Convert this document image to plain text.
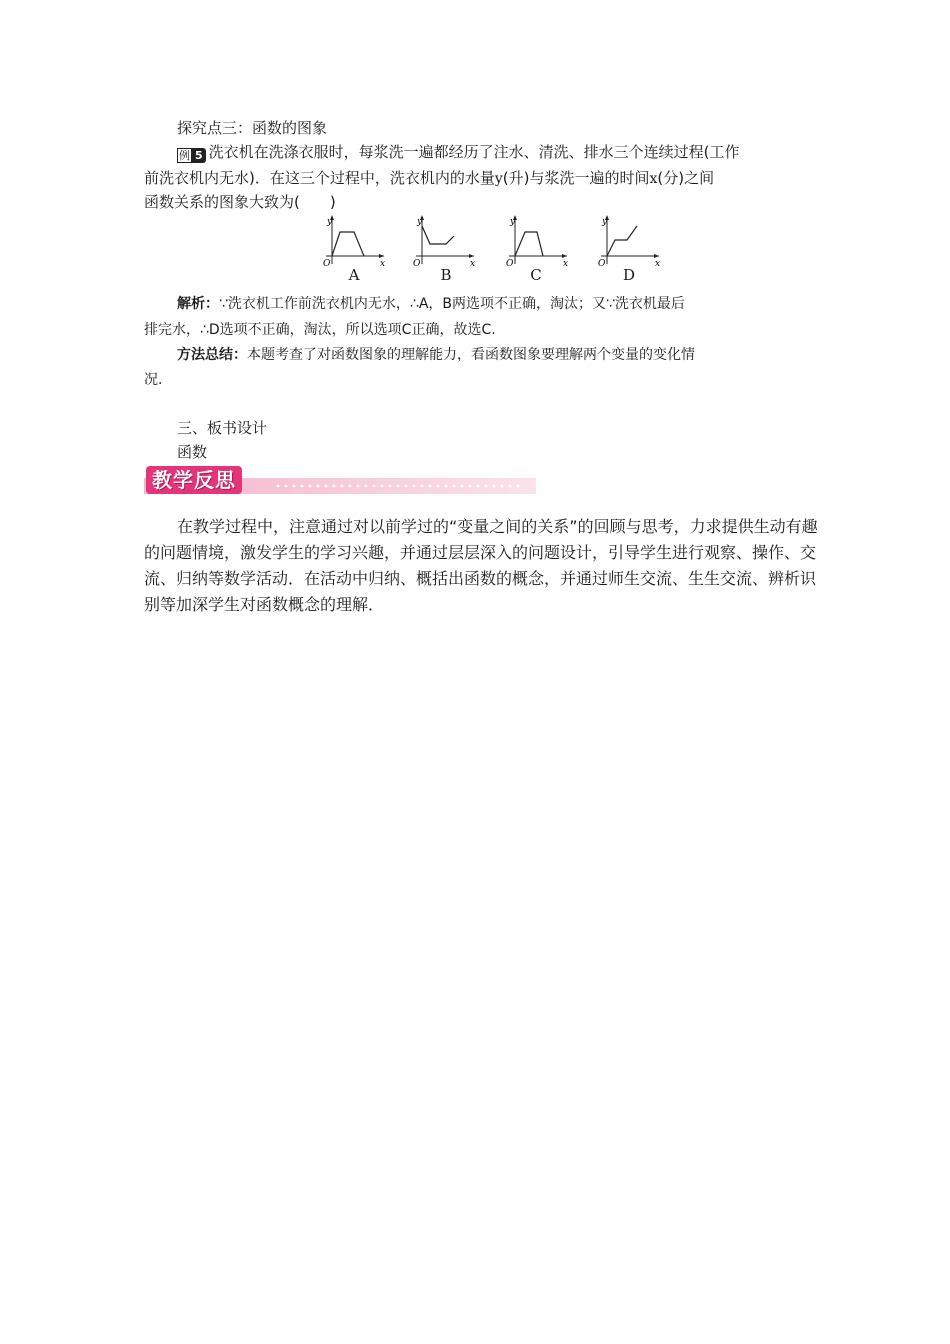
探究点三：函数的图象
例 5 洗衣机在洗涤衣服时，每浆洗一遍都经历了注水、清洗、排水三个连续过程(工作
前洗衣机内无水)．在这三个过程中，洗衣机内的水量y(升)与浆洗一遍的时间x(分)之间
函数关系的图象大致为(　　)
y
x
O
A
y
x
O
B
y
x
O
C
y
x
O
D
解析：∵洗衣机工作前洗衣机内无水，∴A，B两选项不正确，淘汰；又∵洗衣机最后
排完水，∴D选项不正确，淘汰，所以选项C正确，故选C.
方法总结：本题考查了对函数图象的理解能力，看函数图象要理解两个变量的变化情
况.
三、板书设计
函数
教学反思
在教学过程中，注意通过对以前学过的“变量之间的关系”的回顾与思考，力求提供生动有趣的问题情境，激发学生的学习兴趣，并通过层层深入的问题设计，引导学生进行观察、操作、交流、归纳等数学活动．在活动中归纳、概括出函数的概念，并通过师生交流、生生交流、辨析识别等加深学生对函数概念的理解．
